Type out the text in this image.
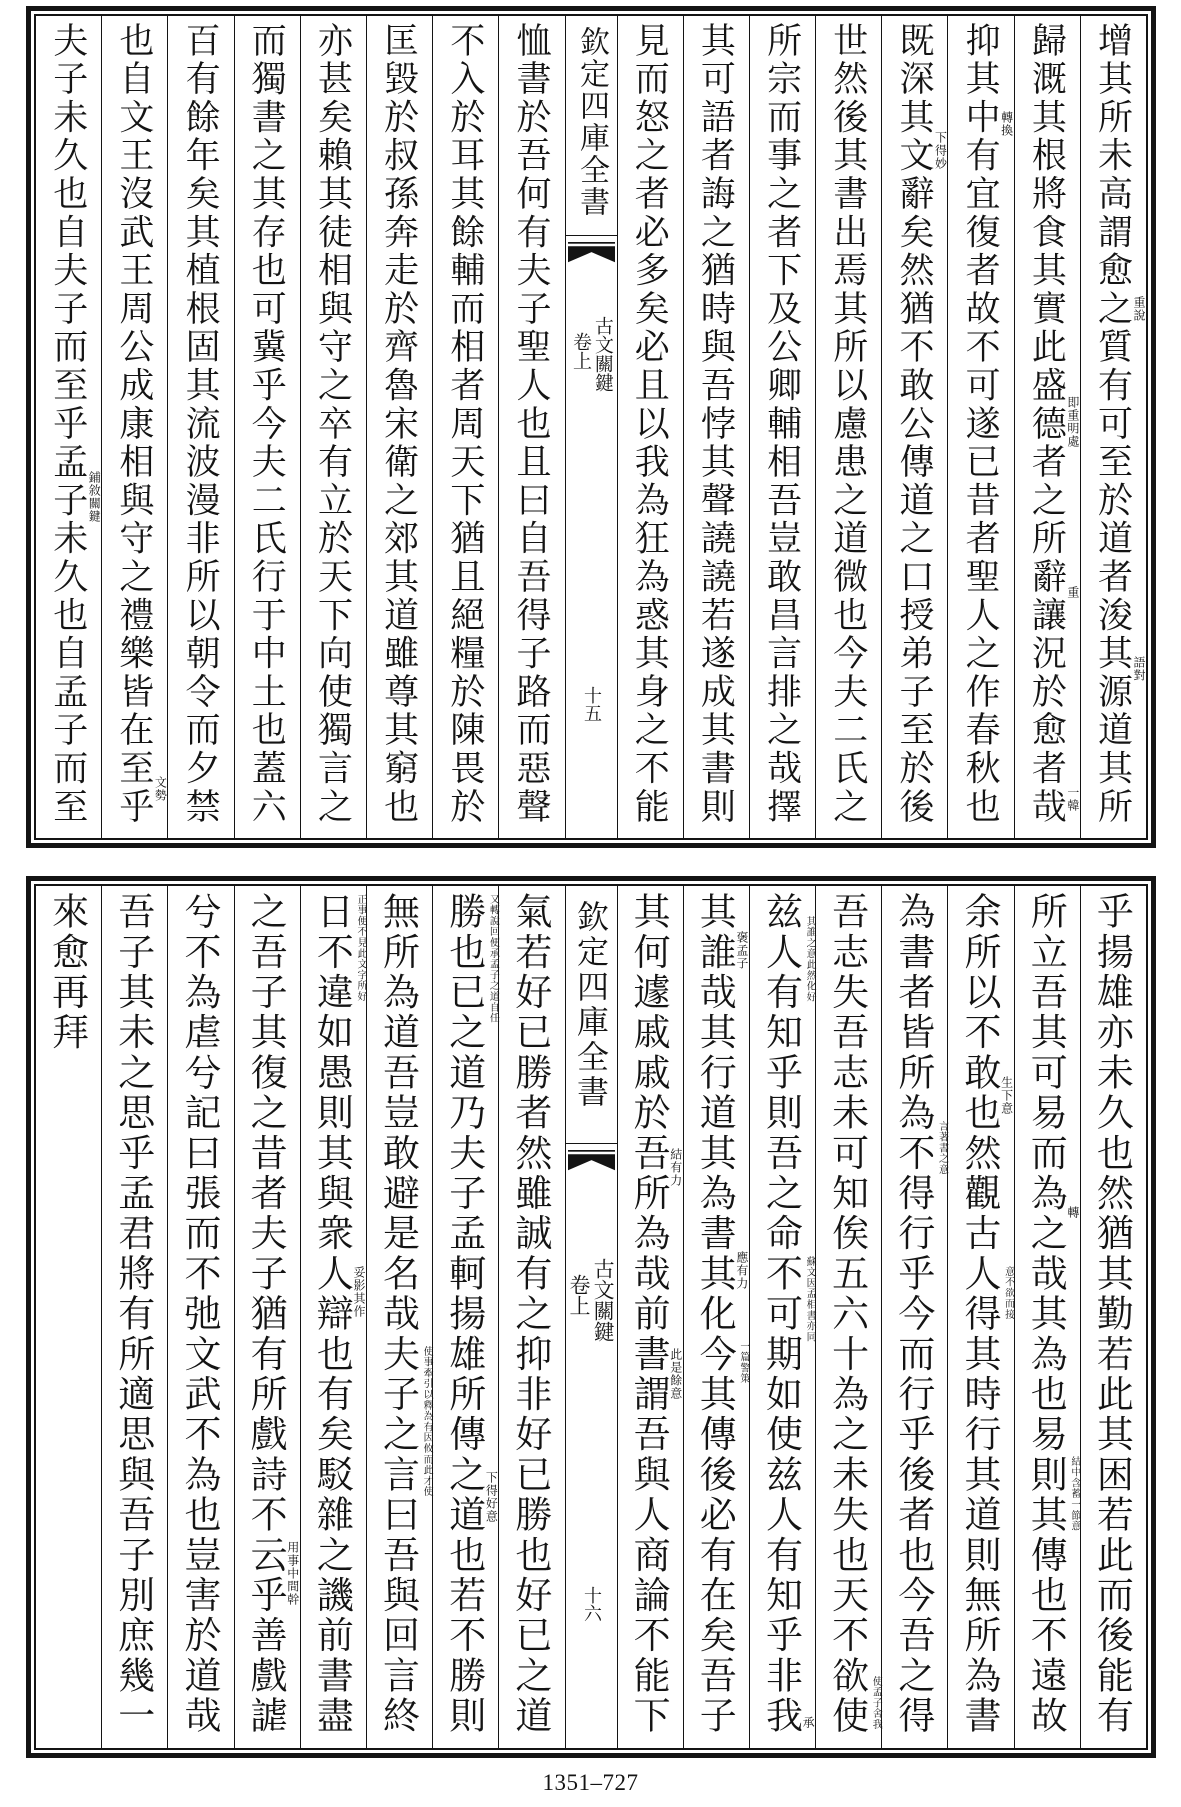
增其所未高謂愈之質有可至於道者浚其源道其所 重說
語對
歸溉其根將食其實此盛德者之所辭讓況於愈者哉 即重明處
重
一韓
抑其中有宜復者故不可遂已昔者聖人之作春秋也 轉換
既深其文辭矣然猶不敢公傳道之口授弟子至於後 下得妙
世然後其書出焉其所以慮患之道微也今夫二氏之
所宗而事之者下及公卿輔相吾豈敢昌言排之哉擇
其可語者誨之猶時與吾悖其聲譊譊若遂成其書則
見而怒之者必多矣必且以我為狂為惑其身之不能
欽定四庫全書
古文關鍵
卷上
十五
恤書於吾何有夫子聖人也且曰自吾得子路而惡聲
不入於耳其餘輔而相者周天下猶且絕糧於陳畏於
匡毀於叔孫奔走於齊魯宋衛之郊其道雖尊其窮也
亦甚矣賴其徒相與守之卒有立於天下向使獨言之
而獨書之其存也可冀乎今夫二氏行于中土也蓋六
百有餘年矣其植根固其流波漫非所以朝令而夕禁
也自文王沒武王周公成康相與守之禮樂皆在至乎 文勢
夫子未久也自夫子而至乎孟子未久也自孟子而至 鋪敘關鍵
乎揚雄亦未久也然猶其勤若此其困若此而後能有
所立吾其可易而為之哉其為也易則其傳也不遠故
轉
結中含蓄一節意
余所以不敢也然觀古人得其時行其道則無所為書
生下意
意不欲而接
為書者皆所為不得行乎今而行乎後者也今吾之得 言著書之意
吾志失吾志未可知俟五六十為之未失也天不欲使 使孟子舍我
兹人有知乎則吾之命不可期如使兹人有知乎非我 其誰之意此然化好
蘇文因孟相書亦同
承
其誰哉其行道其為書其化今其傳後必有在矣吾子
褒孟子
應有力
一篇警策
其何遽戚戚於吾所為哉前書謂吾與人商論不能下
結有力
此是餘意
欽定四庫全書
古文關鍵
卷上
十六
氣若好已勝者然雖誠有之抑非好已勝也好已之道
勝也已之道乃夫子孟軻揚雄所傳之道也若不勝則 又轉說回便承孟子之道自任
下得好意
無所為道吾豈敢避是名哉夫子之言曰吾與回言終 使事牽引以釋為有因攸而此才使
日不違如愚則其與衆人辯也有矣駁雜之譏前書盡 正事便不見此文字所好
妥影其作
之吾子其復之昔者夫子猶有所戲詩不云乎善戲謔
用事中間幹
兮不為虐兮記曰張而不弛文武不為也豈害於道哉
吾子其未之思乎孟君將有所適思與吾子別庶幾一
來愈再拜
1351–727
